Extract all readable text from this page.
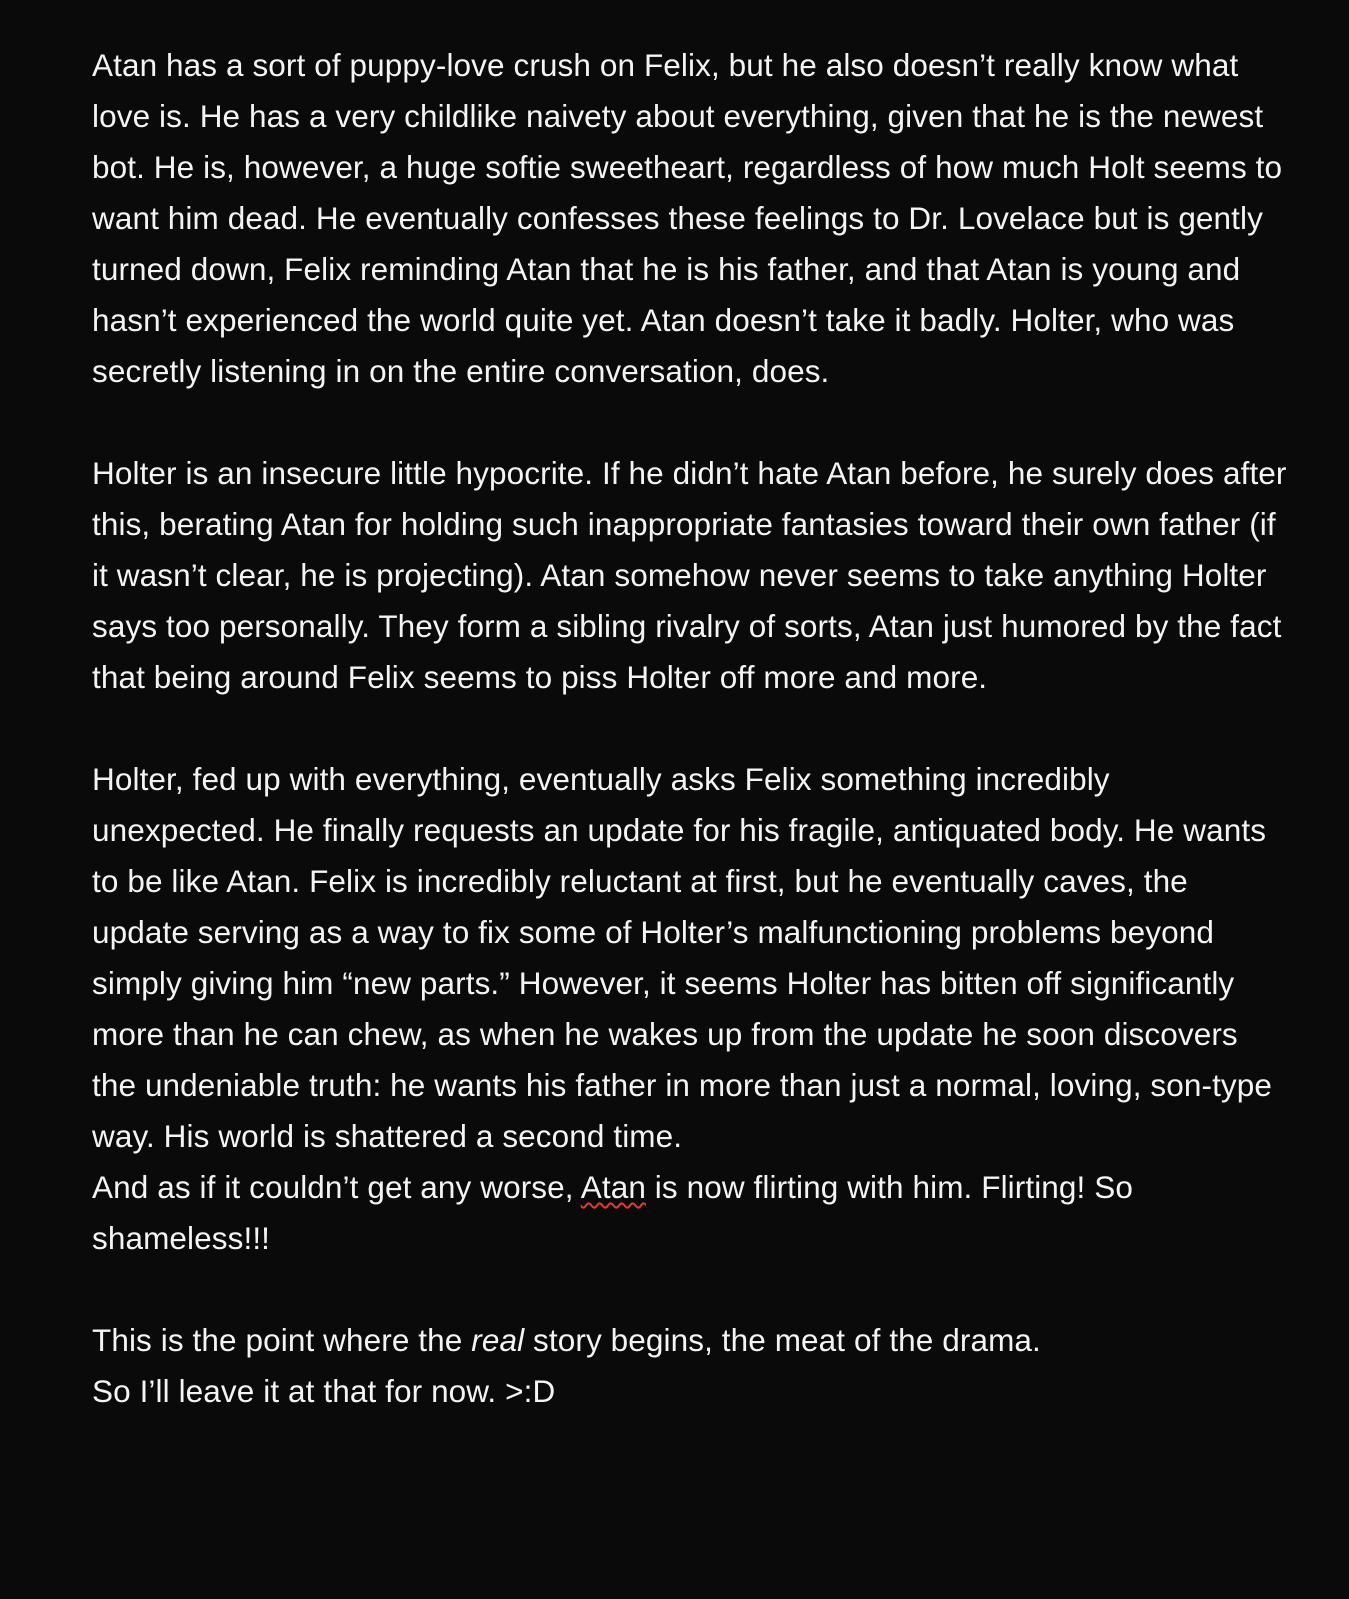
Atan has a sort of puppy-love crush on Felix, but he also doesn’t really know what love is. He has a very childlike naivety about everything, given that he is the newest bot. He is, however, a huge softie sweetheart, regardless of how much Holt seems to want him dead. He eventually confesses these feelings to Dr. Lovelace but is gently turned down, Felix reminding Atan that he is his father, and that Atan is young and hasn’t experienced the world quite yet. Atan doesn’t take it badly. Holter, who was secretly listening in on the entire conversation, does.

Holter is an insecure little hypocrite. If he didn’t hate Atan before, he surely does after this, berating Atan for holding such inappropriate fantasies toward their own father (if it wasn’t clear, he is projecting). Atan somehow never seems to take anything Holter says too personally. They form a sibling rivalry of sorts, Atan just humored by the fact that being around Felix seems to piss Holter off more and more.

Holter, fed up with everything, eventually asks Felix something incredibly unexpected. He finally requests an update for his fragile, antiquated body. He wants to be like Atan. Felix is incredibly reluctant at first, but he eventually caves, the update serving as a way to fix some of Holter’s malfunctioning problems beyond simply giving him “new parts.” However, it seems Holter has bitten off significantly more than he can chew, as when he wakes up from the update he soon discovers the undeniable truth: he wants his father in more than just a normal, loving, son-type way. His world is shattered a second time.
And as if it couldn’t get any worse, Atan is now flirting with him. Flirting! So shameless!!!

This is the point where the real story begins, the meat of the drama.
So I’ll leave it at that for now. >:D
